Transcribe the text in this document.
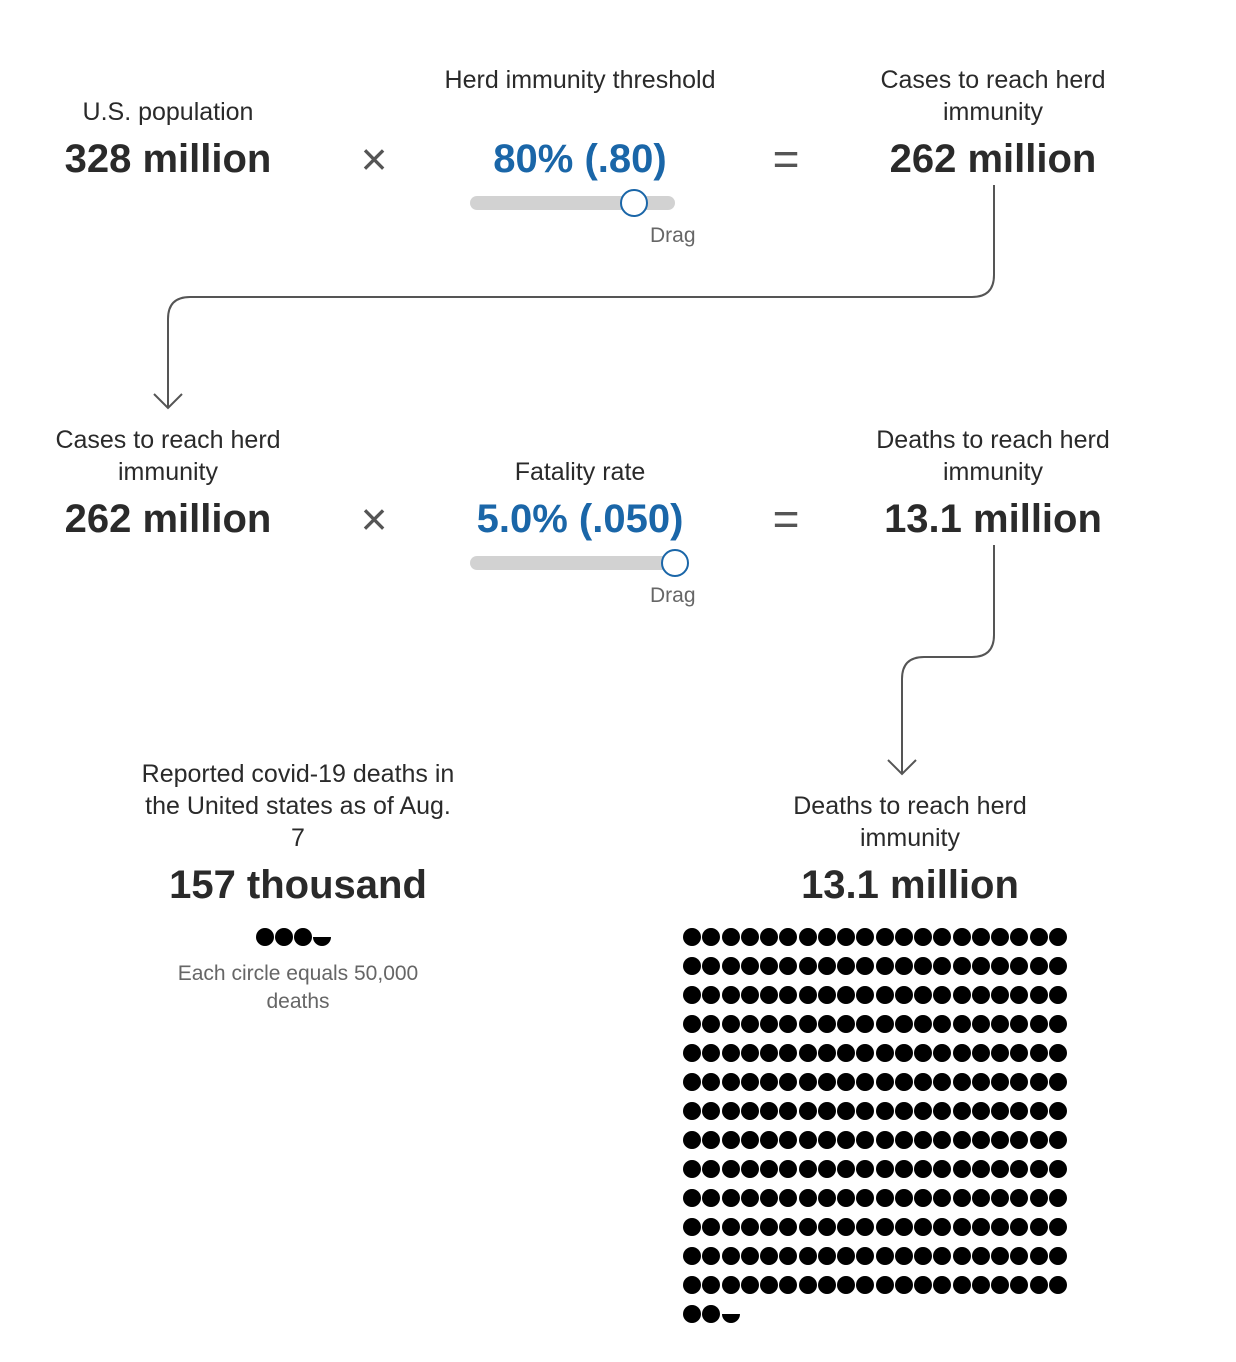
U.S. population
328 million	×
Herd immunity threshold
80% (.80)
Drag
=
Cases to reach herd immunity
262 million
Cases to reach herd immunity
262 million	×
Fatality rate
5.0% (.050)
Drag
=
Deaths to reach herd immunity
13.1 million
Reported covid-19 deaths in the United states as of Aug. 7
157 thousand
Each circle equals 50,000 deaths
Deaths to reach herd immunity
13.1 million
